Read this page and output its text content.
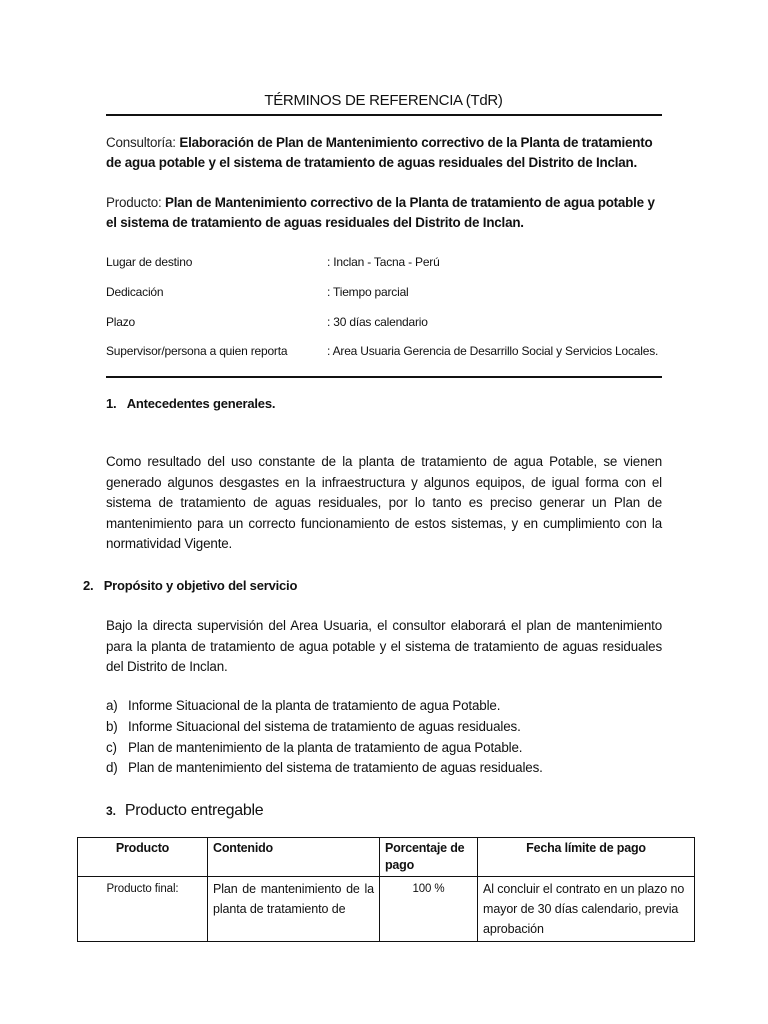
TÉRMINOS DE REFERENCIA (TdR)
Consultoría: Elaboración de Plan de Mantenimiento correctivo de la Planta de tratamiento de agua potable y el sistema de tratamiento de aguas residuales del Distrito de Inclan.
Producto: Plan de Mantenimiento correctivo de la Planta de tratamiento de agua potable y el sistema de tratamiento de aguas residuales del Distrito de Inclan.
Lugar de destino	: Inclan - Tacna - Perú
Dedicación	: Tiempo parcial
Plazo	: 30 días calendario
Supervisor/persona a quien reporta	: Area Usuaria Gerencia de Desarrillo Social y Servicios Locales.
1. Antecedentes generales.
Como resultado del uso constante de la planta de tratamiento de agua Potable, se vienen generado algunos desgastes en la infraestructura y algunos equipos, de igual forma con el sistema de tratamiento de aguas residuales, por lo tanto es preciso generar un Plan de mantenimiento para un correcto funcionamiento de estos sistemas, y en cumplimiento con la normatividad Vigente.
2. Propósito y objetivo del servicio
Bajo la directa supervisión del Area Usuaria, el consultor elaborará el plan de mantenimiento para la planta de tratamiento de agua potable y el sistema de tratamiento de aguas residuales del Distrito de Inclan.
a) Informe Situacional de la planta de tratamiento de agua Potable.
b) Informe Situacional del sistema de tratamiento de aguas residuales.
c) Plan de mantenimiento de la planta de tratamiento de agua Potable.
d) Plan de mantenimiento del sistema de tratamiento de aguas residuales.
3. Producto entregable
Producto	Contenido	Porcentaje de pago	Fecha límite de pago
Producto final:	Plan de mantenimiento de la planta de tratamiento de	100 %	Al concluir el contrato en un plazo no mayor de 30 días calendario, previa aprobación
